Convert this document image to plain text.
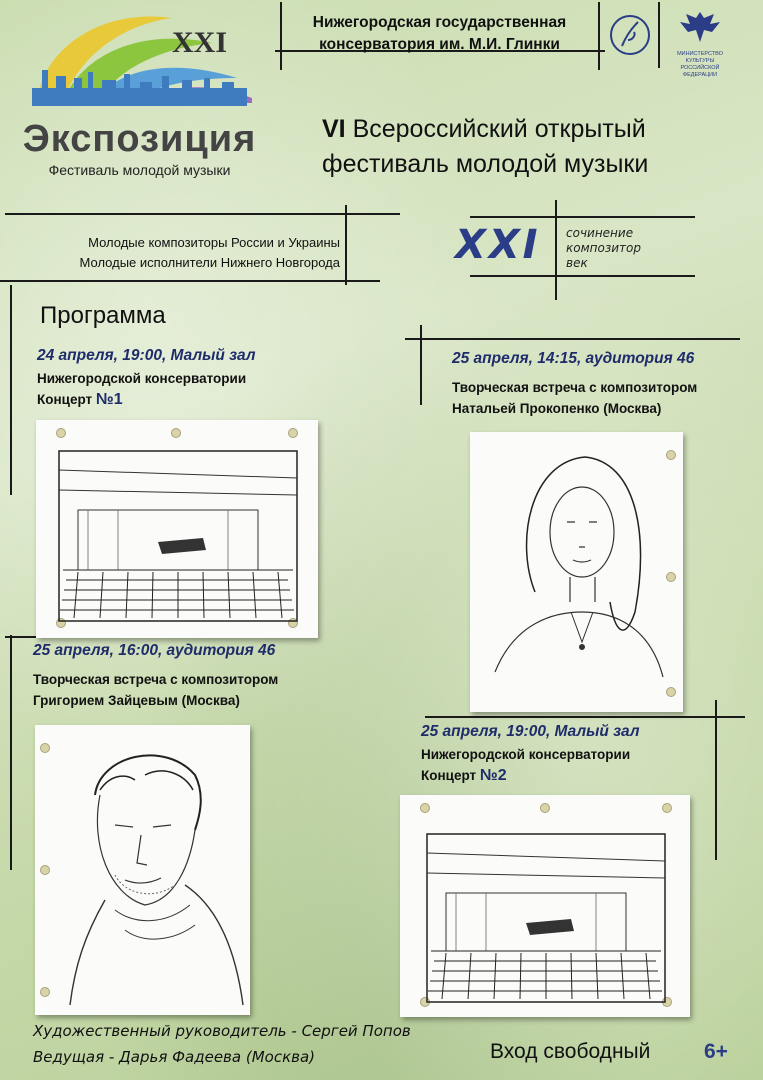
XXI
Экспозиция
Фестиваль молодой музыки
Нижегородская государственная
консерватория им. М.И. Глинки
МИНИСТЕРСТВО КУЛЬТУРЫ РОССИЙСКОЙ ФЕДЕРАЦИИ
VI Всероссийский открытый
фестиваль молодой музыки
Молодые композиторы России и Украины
Молодые исполнители Нижнего Новгорода	XXI сочинение
композитор
век
Программа
24 апреля, 19:00, Малый зал
Нижегородской консерватории
Концерт №1
25 апреля, 14:15, аудитория 46
Творческая встреча с композитором
Натальей Прокопенко (Москва)
25 апреля, 16:00, аудитория 46
Творческая встреча с композитором
Григорием Зайцевым (Москва)
25 апреля, 19:00, Малый зал
Нижегородской консерватории
Концерт №2
Художественный руководитель - Сергей Попов
Ведущая - Дарья Фадеева (Москва)	Вход свободный	6+
